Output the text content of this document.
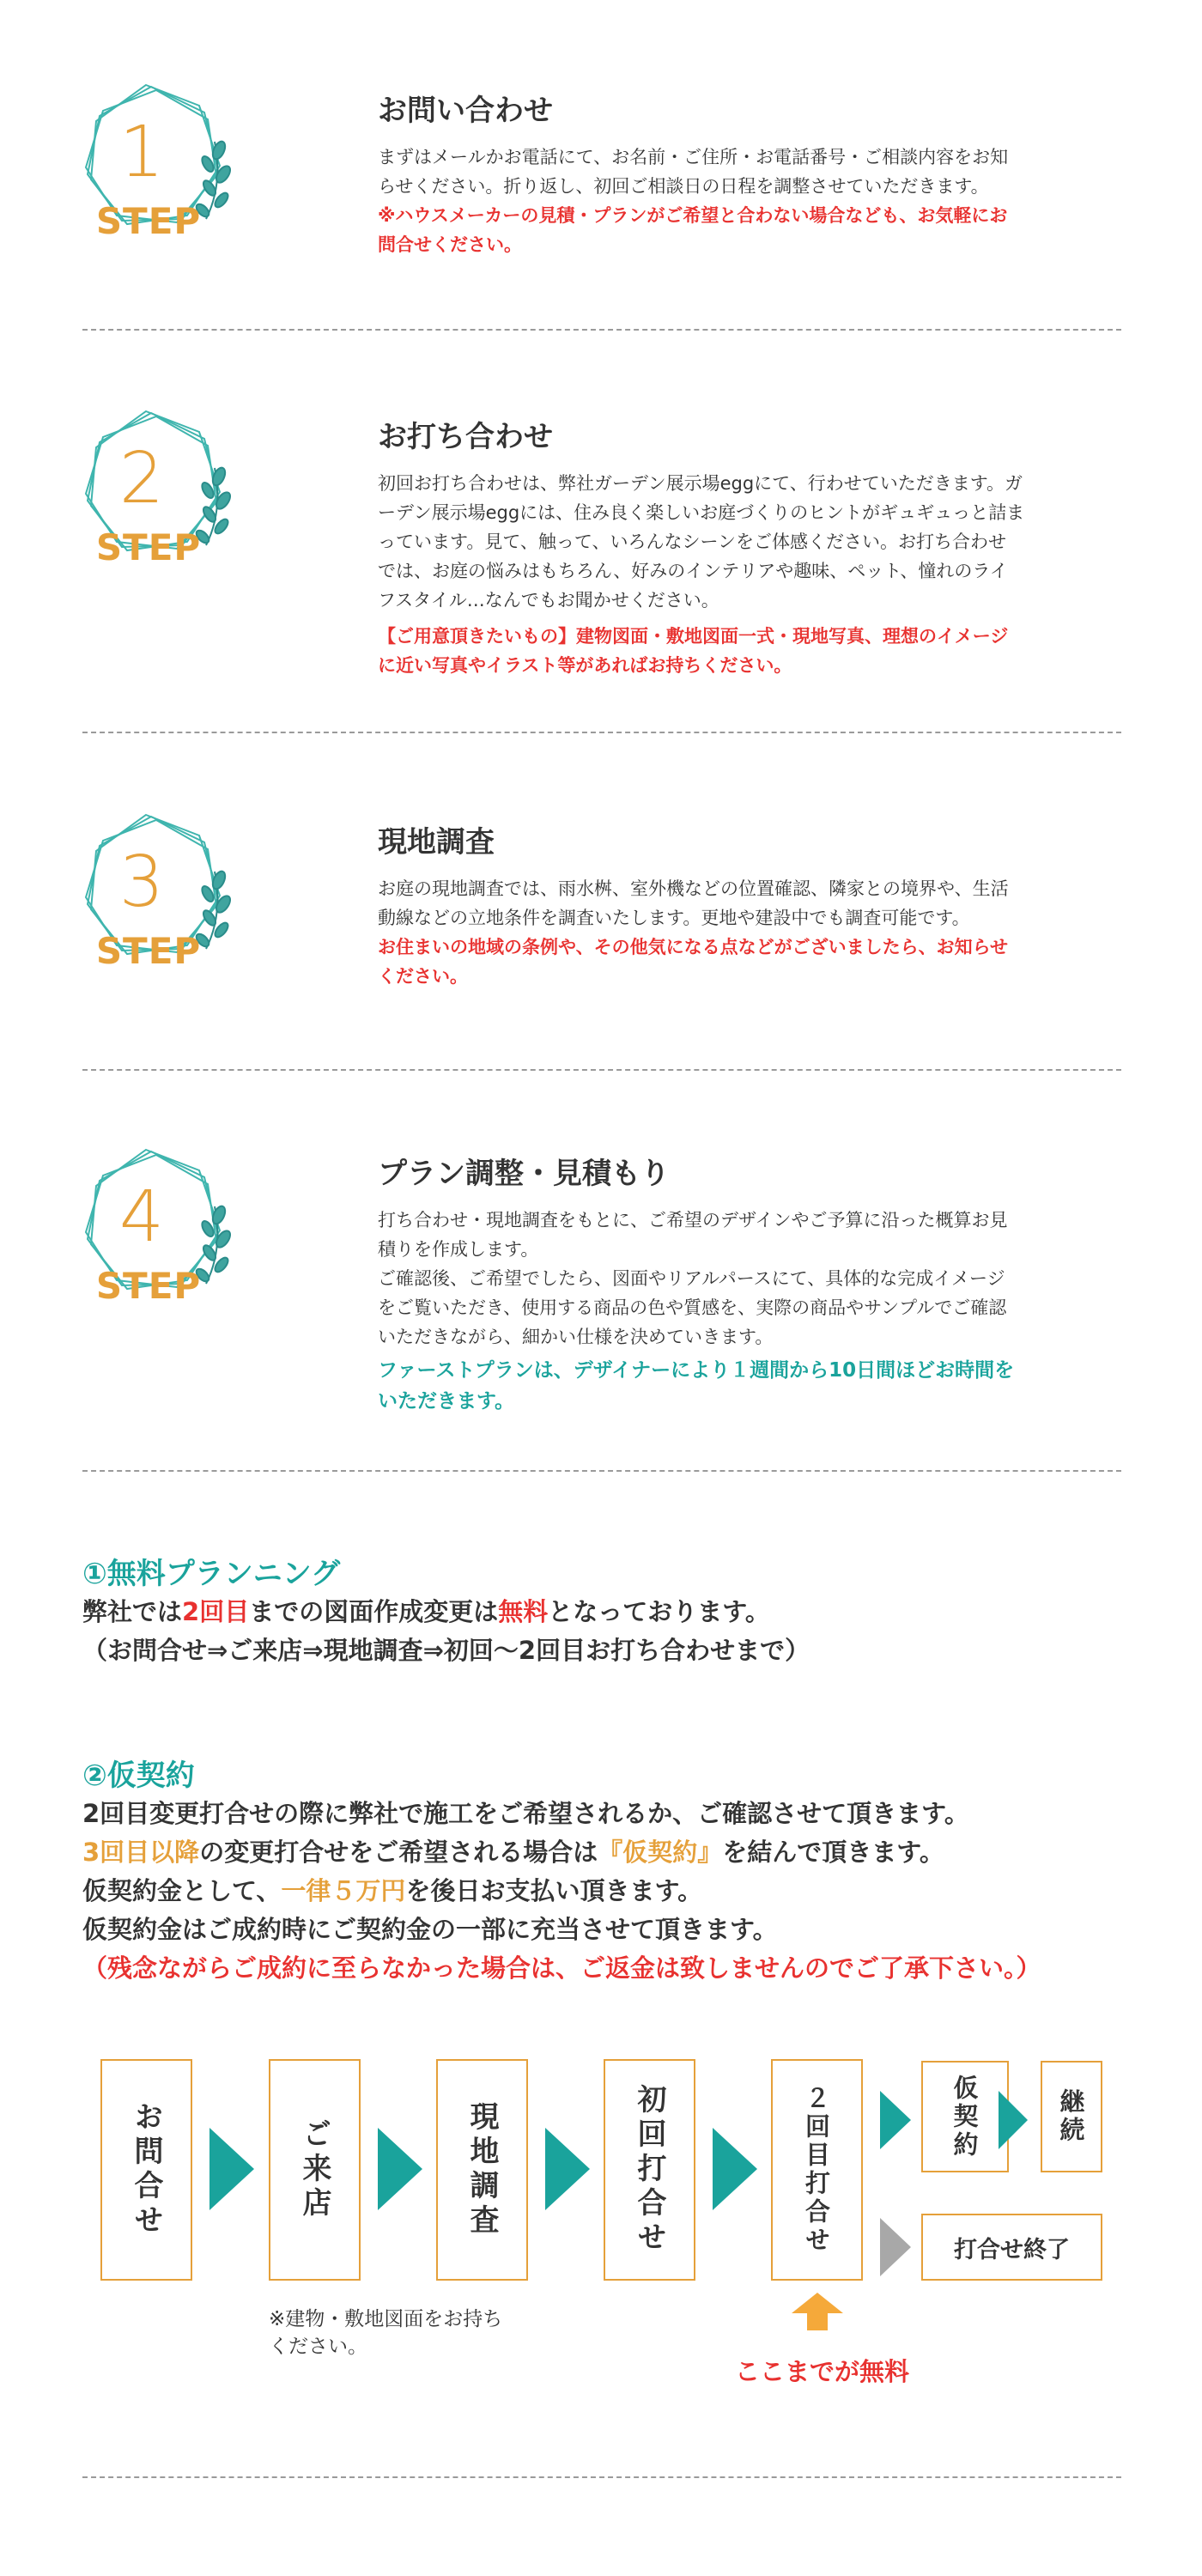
1
STEP

お問い合わせ

まずはメールかお電話にて、お名前・ご住所・お電話番号・ご相談内容をお知
らせください。折り返し、初回ご相談日の日程を調整させていただきます。

※ハウスメーカーの見積・プランがご希望と合わない場合なども、お気軽にお
問合せください。

2
STEP

お打ち合わせ

初回お打ち合わせは、弊社ガーデン展示場eggにて、行わせていただきます。ガ
ーデン展示場eggには、住み良く楽しいお庭づくりのヒントがギュギュっと詰ま
っています。見て、触って、いろんなシーンをご体感ください。お打ち合わせ
では、お庭の悩みはもちろん、好みのインテリアや趣味、ペット、憧れのライ
フスタイル…なんでもお聞かせください。

【ご用意頂きたいもの】建物図面・敷地図面一式・現地写真、理想のイメージ
に近い写真やイラスト等があればお持ちください。

3
STEP

現地調査

お庭の現地調査では、雨水桝、室外機などの位置確認、隣家との境界や、生活
動線などの立地条件を調査いたします。更地や建設中でも調査可能です。

お住まいの地域の条例や、その他気になる点などがございましたら、お知らせ
ください。

4
STEP

プラン調整・見積もり

打ち合わせ・現地調査をもとに、ご希望のデザインやご予算に沿った概算お見
積りを作成します。
ご確認後、ご希望でしたら、図面やリアルパースにて、具体的な完成イメージ
をご覧いただき、使用する商品の色や質感を、実際の商品やサンプルでご確認
いただきながら、細かい仕様を決めていきます。

ファーストプランは、デザイナーにより１週間から10日間ほどお時間を
いただきます。

①無料プランニング
弊社では2回目までの図面作成変更は無料となっております。
（お問合せ⇒ご来店⇒現地調査⇒初回〜2回目お打ち合わせまで）
②仮契約
2回目変更打合せの際に弊社で施工をご希望されるか、ご確認させて頂きます。
3回目以降の変更打合せをご希望される場合は『仮契約』を結んで頂きます。
仮契約金として、一律５万円を後日お支払い頂きます。
仮契約金はご成約時にご契約金の一部に充当させて頂きます。
（残念ながらご成約に至らなかった場合は、ご返金は致しませんのでご了承下さい。）
お問合せ	ご来店	現地調査	初回打合せ	２回目打合せ	仮契約	継続
打合せ終了
※建物・敷地図面をお持ち
ください。
ここまでが無料
